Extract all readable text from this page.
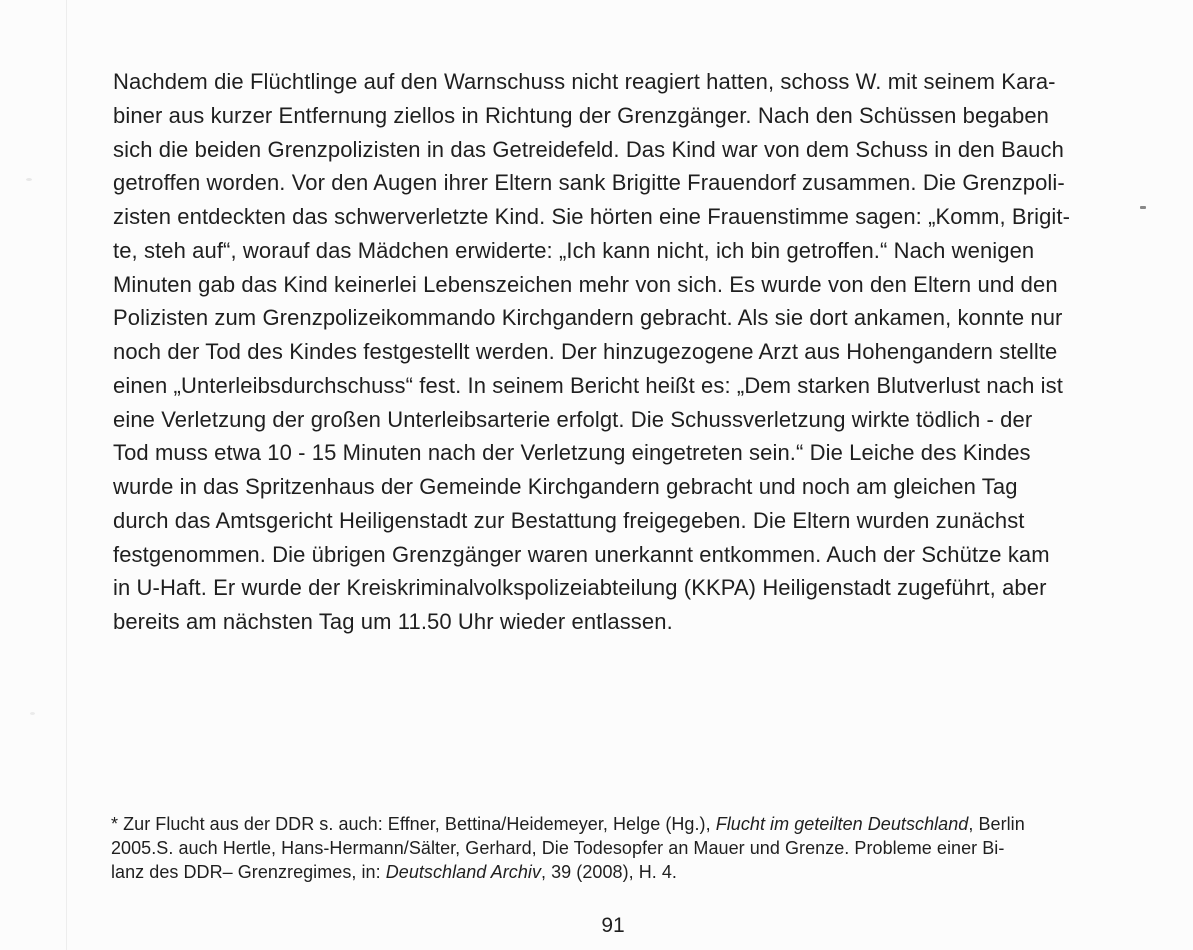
Nachdem die Flüchtlinge auf den Warnschuss nicht reagiert hatten, schoss W. mit seinem Kara-
biner aus kurzer Entfernung ziellos in Richtung der Grenzgänger. Nach den Schüssen begaben
sich die beiden Grenzpolizisten in das Getreidefeld. Das Kind war von dem Schuss in den Bauch
getroffen worden. Vor den Augen ihrer Eltern sank Brigitte Frauendorf zusammen. Die Grenzpoli-
zisten entdeckten das schwerverletzte Kind. Sie hörten eine Frauenstimme sagen: „Komm, Brigit-
te, steh auf“, worauf das Mädchen erwiderte: „Ich kann nicht, ich bin getroffen.“ Nach wenigen
Minuten gab das Kind keinerlei Lebenszeichen mehr von sich. Es wurde von den Eltern und den
Polizisten zum Grenzpolizeikommando Kirchgandern gebracht. Als sie dort ankamen, konnte nur
noch der Tod des Kindes festgestellt werden. Der hinzugezogene Arzt aus Hohengandern stellte
einen „Unterleibsdurchschuss“ fest. In seinem Bericht heißt es: „Dem starken Blutverlust nach ist
eine Verletzung der großen Unterleibsarterie erfolgt. Die Schussverletzung wirkte tödlich - der
Tod muss etwa 10 - 15 Minuten nach der Verletzung eingetreten sein.“ Die Leiche des Kindes
wurde in das Spritzenhaus der Gemeinde Kirchgandern gebracht und noch am gleichen Tag
durch das Amtsgericht Heiligenstadt zur Bestattung freigegeben. Die Eltern wurden zunächst
festgenommen. Die übrigen Grenzgänger waren unerkannt entkommen. Auch der Schütze kam
in U-Haft. Er wurde der Kreiskriminalvolkspolizeiabteilung (KKPA) Heiligenstadt zugeführt, aber
bereits am nächsten Tag um 11.50 Uhr wieder entlassen.
* Zur Flucht aus der DDR s. auch: Effner, Bettina/Heidemeyer, Helge (Hg.), Flucht im geteilten Deutschland, Berlin
2005.S. auch Hertle, Hans-Hermann/Sälter, Gerhard, Die Todesopfer an Mauer und Grenze. Probleme einer Bi-
lanz des DDR– Grenzregimes, in: Deutschland Archiv, 39 (2008), H. 4.
91
